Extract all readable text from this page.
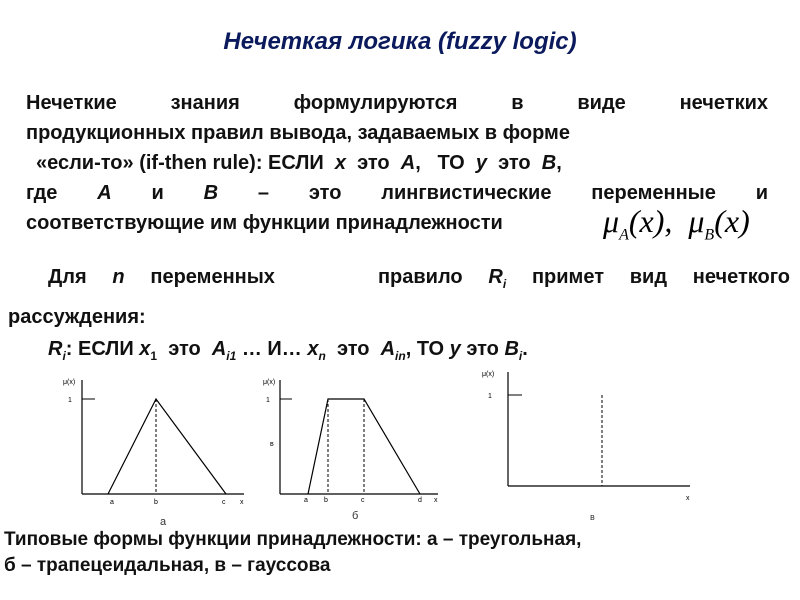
Нечеткая логика (fuzzy logic)
Нечеткие знания формулируются в виде нечетких
продукционных правил вывода, задаваемых в форме
«если-то» (if-then rule): ЕСЛИ  x  это  A,   ТО  y  это  B,
где A и B – это лингвистические переменные и
соответствующие им функции принадлежности	$\mu_A(x)$,  $\mu_B(x)$
Для n переменных    правило $R_i$ примет вид нечеткого
рассуждения:
$R_i$: ЕСЛИ $x_1$  это  $A_{i1}$ … И… $x_n$  это  $A_{in}$, ТО y это $B_i$.
μ(x)
1
a	b	c x
а
μ(x)
1
в
a b	c	d x
б
μ(x)
1
x
в
Типовые формы функции принадлежности: а – треугольная,
б – трапецеидальная, в – гауссова
